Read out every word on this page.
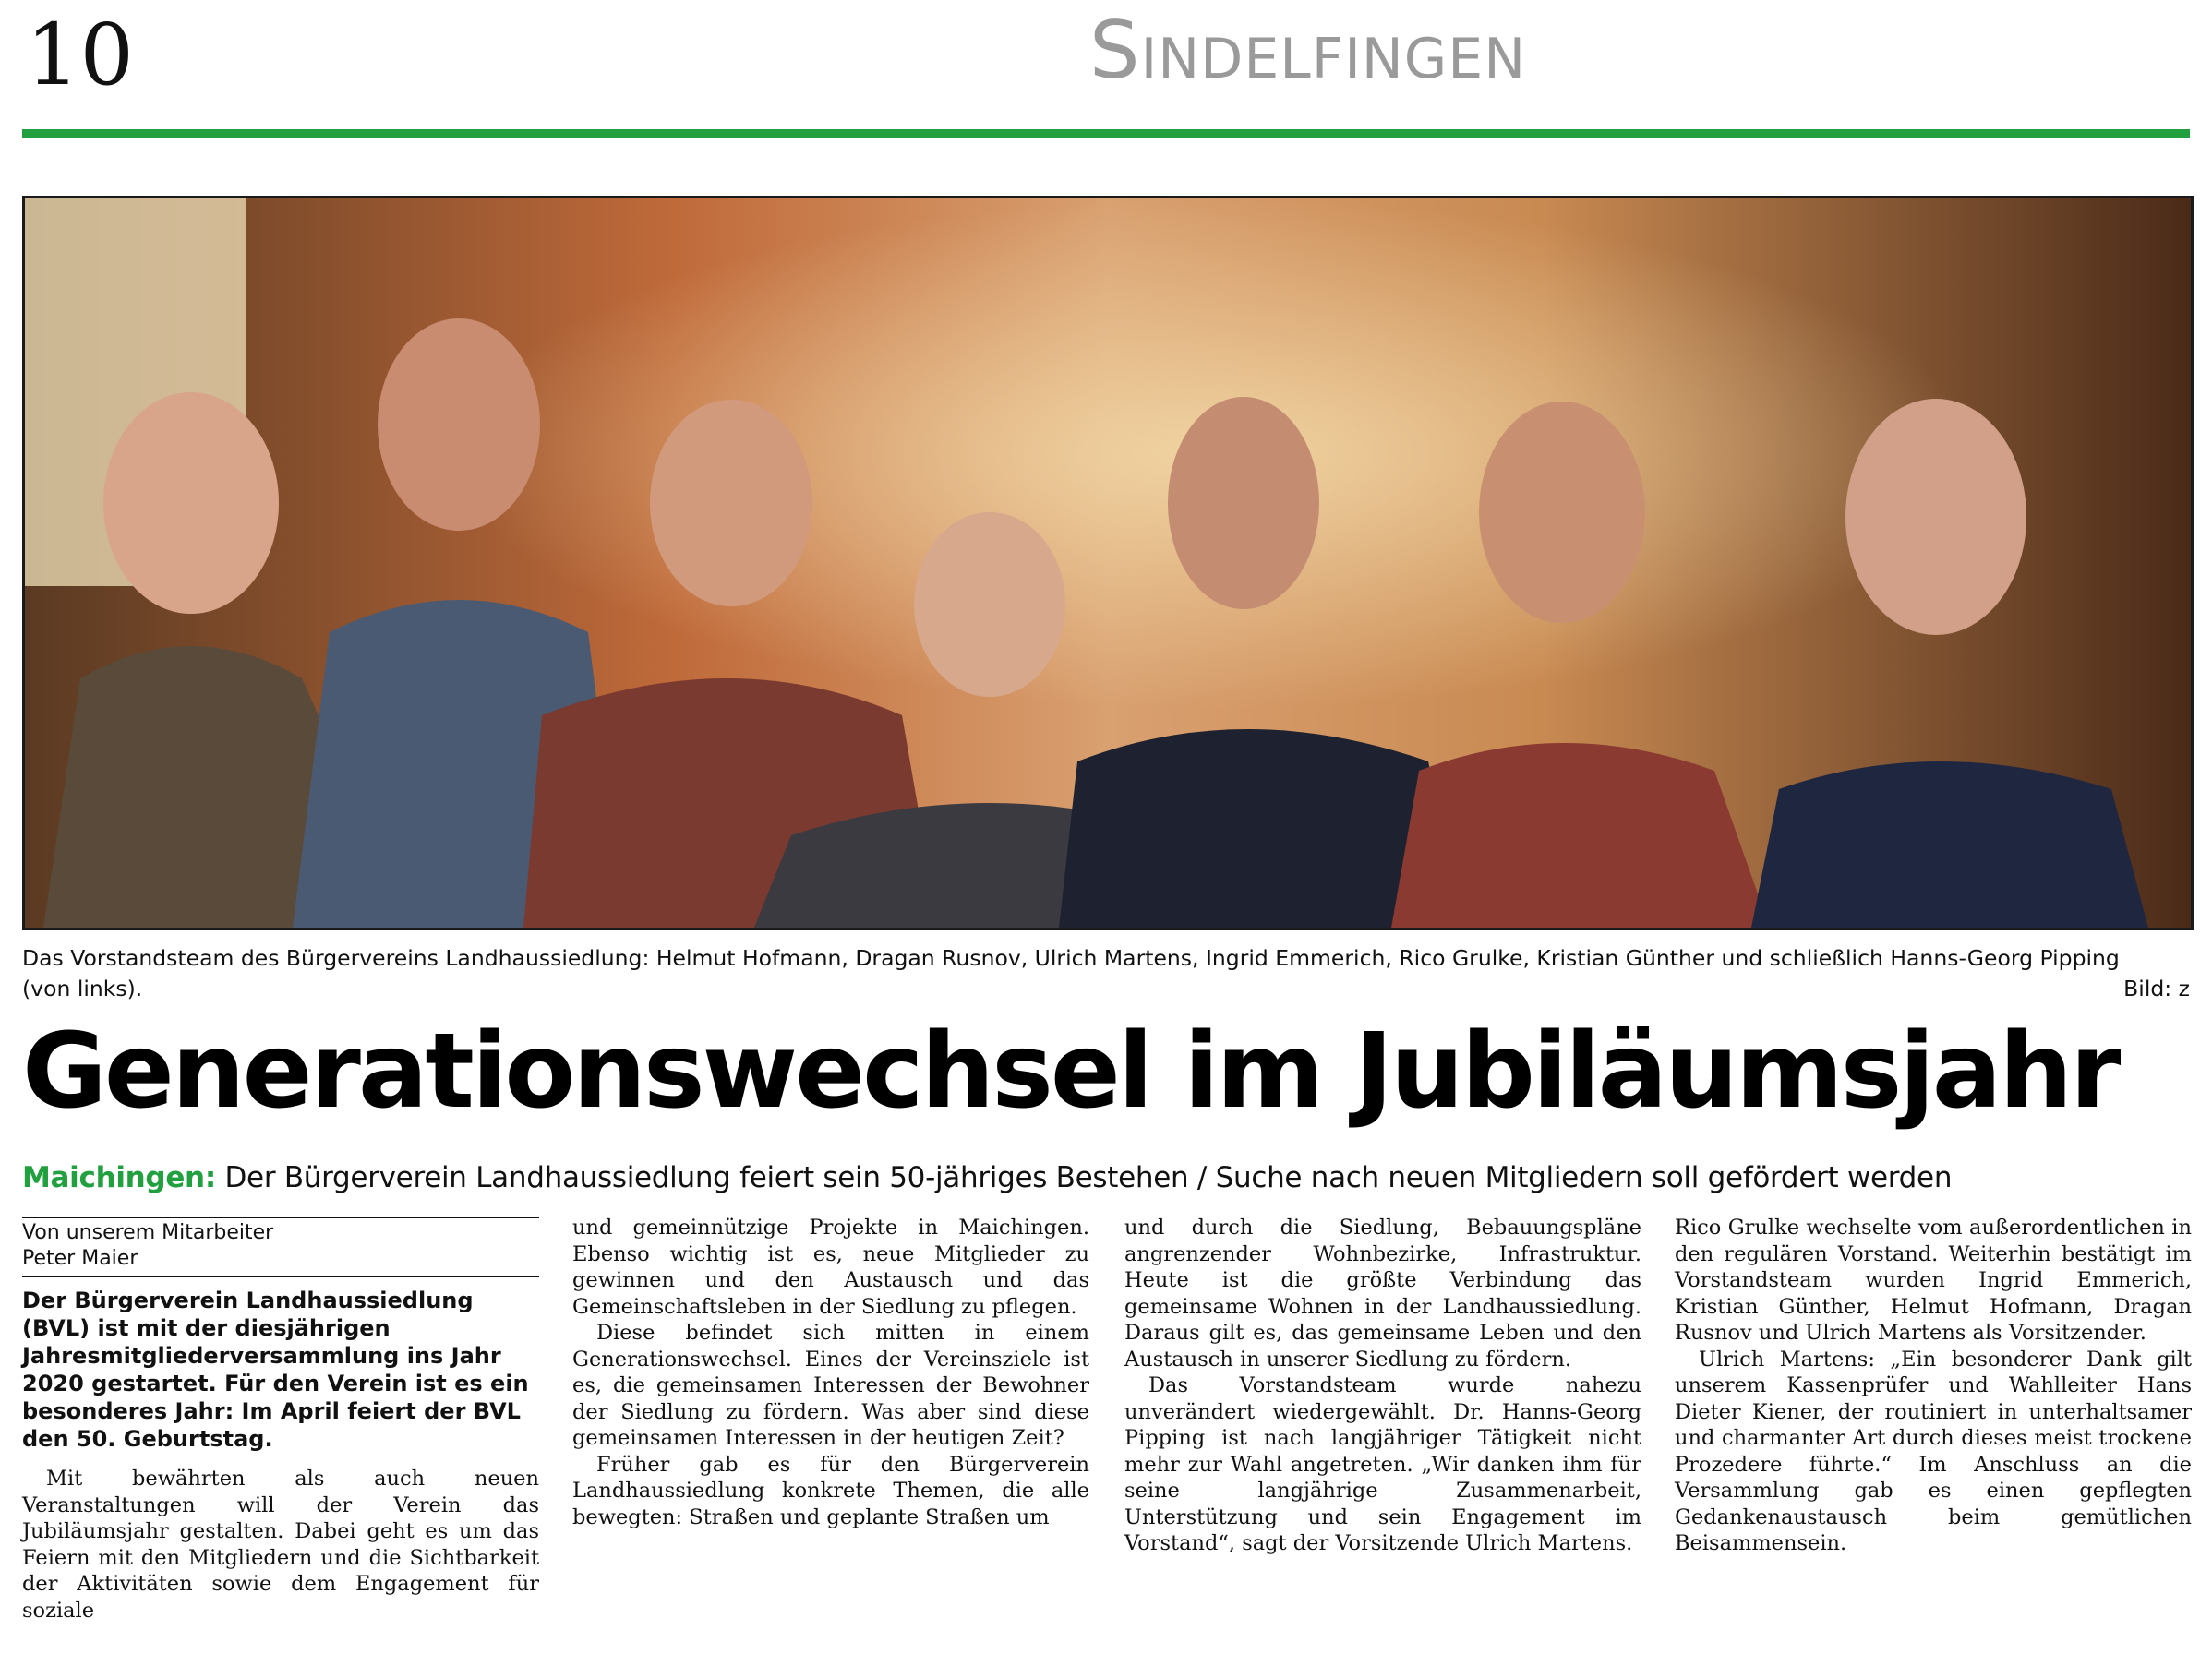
10	Sindelfingen
Das Vorstandsteam des Bürgervereins Landhaussiedlung: Helmut Hofmann, Dragan Rusnov, Ulrich Martens, Ingrid Emmerich, Rico Grulke, Kristian Günther und schließlich Hanns-Georg Pipping
(von links).	Bild: z
Generationswechsel im Jubiläumsjahr
Maichingen: Der Bürgerverein Landhaussiedlung feiert sein 50-jähriges Bestehen / Suche nach neuen Mitgliedern soll gefördert werden
Von unserem Mitarbeiter
Peter Maier

Der Bürgerverein Landhaussiedlung (BVL) ist mit der diesjährigen Jahresmitgliederversammlung ins Jahr 2020 gestartet. Für den Verein ist es ein besonderes Jahr: Im April feiert der BVL den 50. Geburtstag.

Mit bewährten als auch neuen Veranstaltungen will der Verein das Jubiläumsjahr gestalten. Dabei geht es um das Feiern mit den Mitgliedern und die Sichtbarkeit der Aktivitäten sowie dem Engagement für soziale

und gemeinnützige Projekte in Maichingen. Ebenso wichtig ist es, neue Mitglieder zu gewinnen und den Austausch und das Gemeinschaftsleben in der Siedlung zu pflegen.

Diese befindet sich mitten in einem Generationswechsel. Eines der Vereinsziele ist es, die gemeinsamen Interessen der Bewohner der Siedlung zu fördern. Was aber sind diese gemeinsamen Interessen in der heutigen Zeit?

Früher gab es für den Bürgerverein Landhaussiedlung konkrete Themen, die alle bewegten: Straßen und geplante Straßen um

und durch die Siedlung, Bebauungspläne angrenzender Wohnbezirke, Infrastruktur. Heute ist die größte Verbindung das gemeinsame Wohnen in der Landhaussiedlung. Daraus gilt es, das gemeinsame Leben und den Austausch in unserer Siedlung zu fördern.

Das Vorstandsteam wurde nahezu unverändert wiedergewählt. Dr. Hanns-Georg Pipping ist nach langjähriger Tätigkeit nicht mehr zur Wahl angetreten. „Wir danken ihm für seine langjährige Zusammenarbeit, Unterstützung und sein Engagement im Vorstand“, sagt der Vorsitzende Ulrich Martens.

Rico Grulke wechselte vom außerordentlichen in den regulären Vorstand. Weiterhin bestätigt im Vorstandsteam wurden Ingrid Emmerich, Kristian Günther, Helmut Hofmann, Dragan Rusnov und Ulrich Martens als Vorsitzender.

Ulrich Martens: „Ein besonderer Dank gilt unserem Kassenprüfer und Wahlleiter Hans Dieter Kiener, der routiniert in unterhaltsamer und charmanter Art durch dieses meist trockene Prozedere führte.“ Im Anschluss an die Versammlung gab es einen gepflegten Gedankenaustausch beim gemütlichen Beisammensein.
